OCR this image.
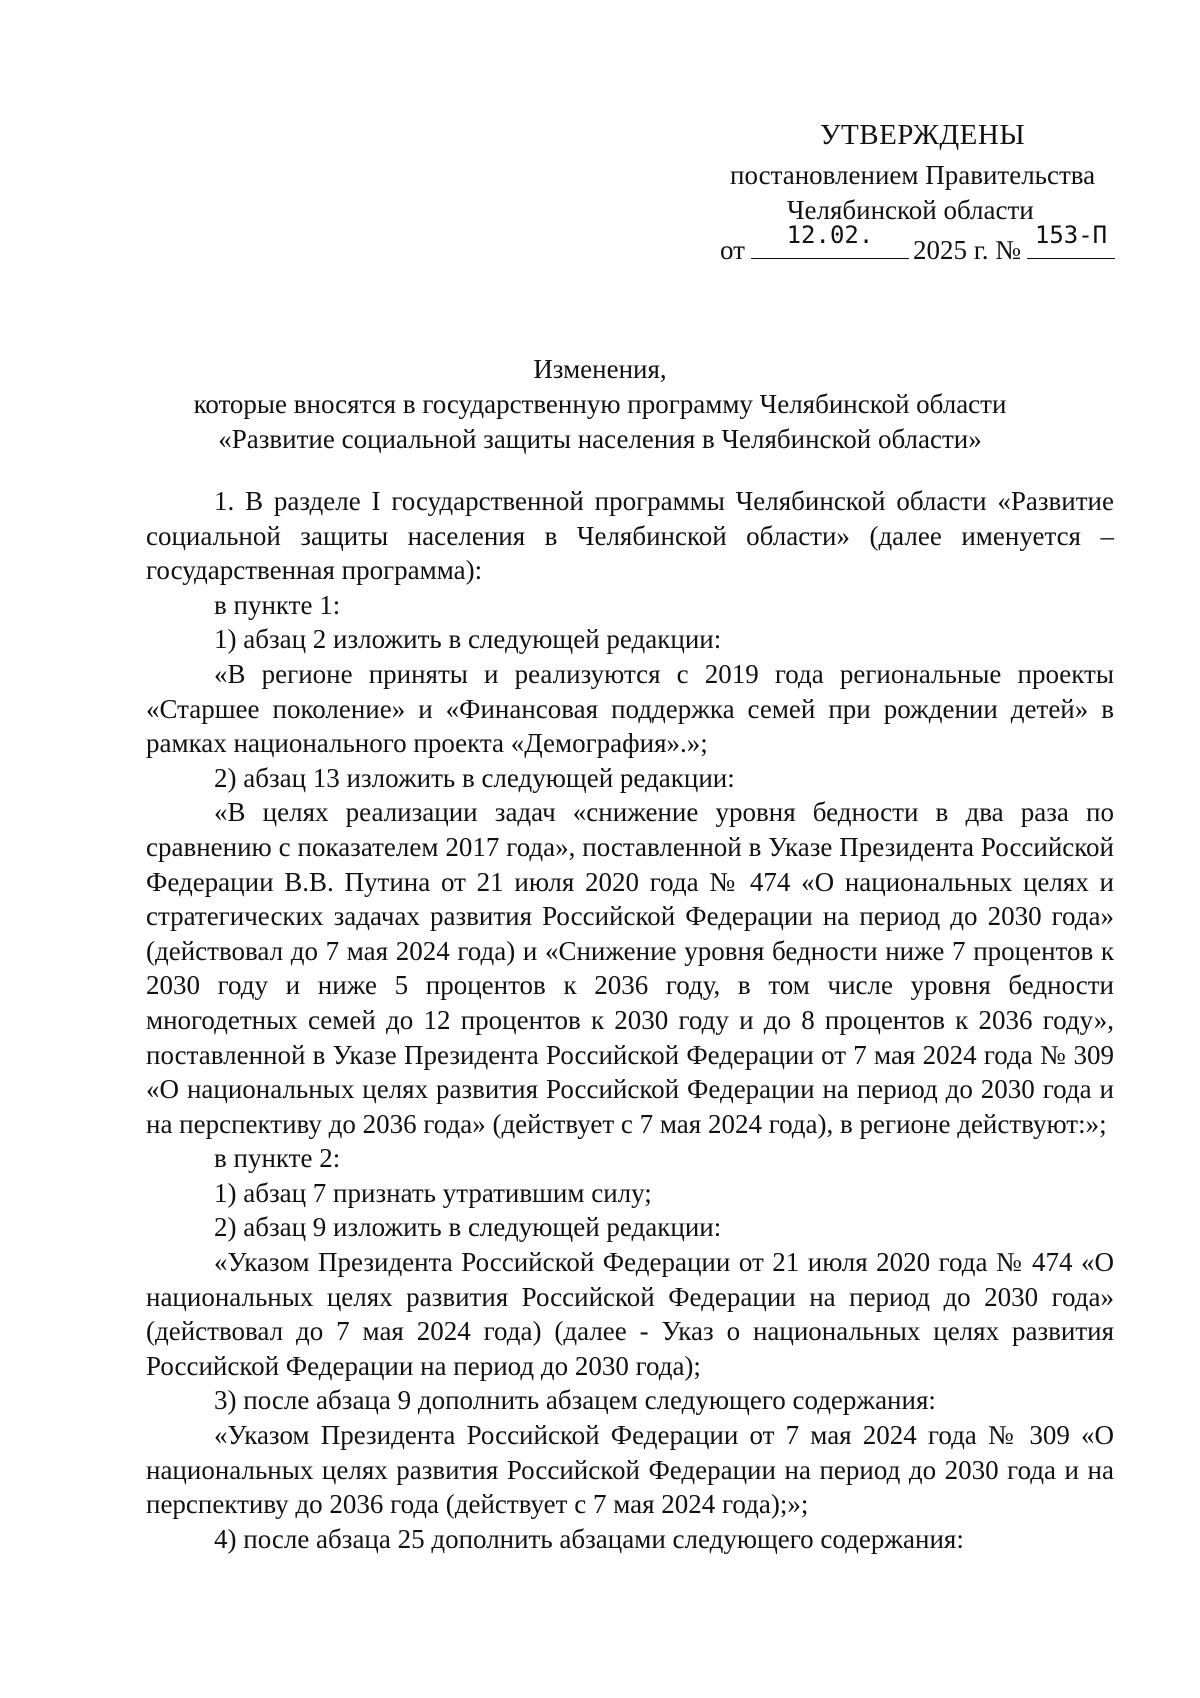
УТВЕРЖДЕНЫ
постановлением Правительства
Челябинской области
от	12.02.	2025 г. № 153-П
Изменения,
которые вносятся в государственную программу Челябинской области
«Развитие социальной защиты населения в Челябинской области»

1. В разделе I государственной программы Челябинской области «Развитие социальной защиты населения в Челябинской области» (далее именуется – государственная программа):

в пункте 1:

1) абзац 2 изложить в следующей редакции:

«В регионе приняты и реализуются с 2019 года региональные проекты «Старшее поколение» и «Финансовая поддержка семей при рождении детей» в рамках национального проекта «Демография».»;

2) абзац 13 изложить в следующей редакции:

«В целях реализации задач «снижение уровня бедности в два раза по сравнению с показателем 2017 года», поставленной в Указе Президента Российской Федерации В.В. Путина от 21 июля 2020 года № 474 «О национальных целях и стратегических задачах развития Российской Федерации на период до 2030 года» (действовал до 7 мая 2024 года) и «Снижение уровня бедности ниже 7 процентов к 2030 году и ниже 5 процентов к 2036 году, в том числе уровня бедности многодетных семей до 12 процентов к 2030 году и до 8 процентов к 2036 году», поставленной в Указе Президента Российской Федерации от 7 мая 2024 года № 309 «О национальных целях развития Российской Федерации на период до 2030 года и на перспективу до 2036 года» (действует с 7 мая 2024 года), в регионе действуют:»;

в пункте 2:

1) абзац 7 признать утратившим силу;

2) абзац 9 изложить в следующей редакции:

«Указом Президента Российской Федерации от 21 июля 2020 года № 474 «О национальных целях развития Российской Федерации на период до 2030 года» (действовал до 7 мая 2024 года) (далее - Указ о национальных целях развития Российской Федерации на период до 2030 года);

3) после абзаца 9 дополнить абзацем следующего содержания:

«Указом Президента Российской Федерации от 7 мая 2024 года № 309 «О национальных целях развития Российской Федерации на период до 2030 года и на перспективу до 2036 года (действует с 7 мая 2024 года);»;

4) после абзаца 25 дополнить абзацами следующего содержания:
